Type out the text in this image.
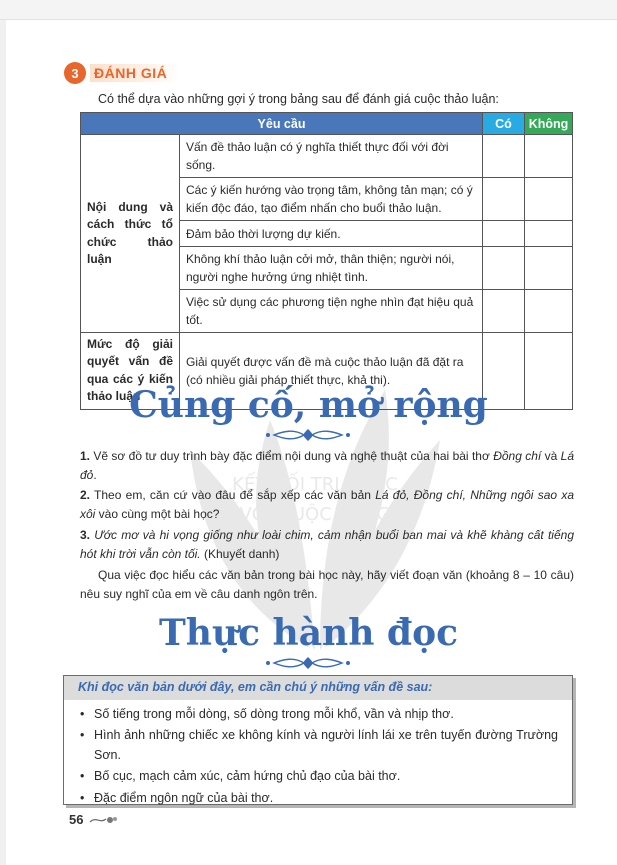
KẾT NỐI TRI THỨC
VỚI CUỘC SỐNG
3	ĐÁNH GIÁ

Có thể dựa vào những gợi ý trong bảng sau để đánh giá cuộc thảo luận:

Yêu cầu		Có	Không
Nội dung và cách thức tổ chức thảo luận	Vấn đề thảo luận có ý nghĩa thiết thực đối với đời sống.		
	Các ý kiến hướng vào trọng tâm, không tản mạn; có ý kiến độc đáo, tạo điểm nhấn cho buổi thảo luận.		
	Đảm bảo thời lượng dự kiến.		
	Không khí thảo luận cởi mở, thân thiện; người nói, người nghe hưởng ứng nhiệt tình.		
	Việc sử dụng các phương tiện nghe nhìn đạt hiệu quả tốt.		
Mức độ giải quyết vấn đề qua các ý kiến thảo luận	Giải quyết được vấn đề mà cuộc thảo luận đã đặt ra (có nhiều giải pháp thiết thực, khả thi).		
Củng cố, mở rộng

1. Vẽ sơ đồ tư duy trình bày đặc điểm nội dung và nghệ thuật của hai bài thơ Đồng chí và Lá đỏ.

2. Theo em, căn cứ vào đâu để sắp xếp các văn bản Lá đỏ, Đồng chí, Những ngôi sao xa xôi vào cùng một bài học?

3. Ước mơ và hi vọng giống như loài chim, cảm nhận buổi ban mai và khẽ khàng cất tiếng hót khi trời vẫn còn tối. (Khuyết danh)

Qua việc đọc hiểu các văn bản trong bài học này, hãy viết đoạn văn (khoảng 8 – 10 câu) nêu suy nghĩ của em về câu danh ngôn trên.

Thực hành đọc
Khi đọc văn bản dưới đây, em cần chú ý những vấn đề sau:
• Số tiếng trong mỗi dòng, số dòng trong mỗi khổ, vần và nhịp thơ.
• Hình ảnh những chiếc xe không kính và người lính lái xe trên tuyến đường Trường Sơn.
• Bố cục, mạch cảm xúc, cảm hứng chủ đạo của bài thơ.
• Đặc điểm ngôn ngữ của bài thơ.
56
